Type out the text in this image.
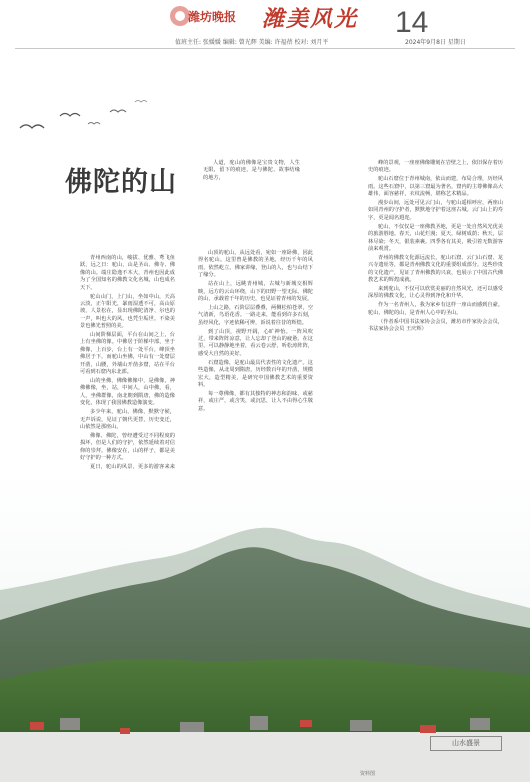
潍坊晚报 潍美风光 14
值班主任: 张媛媛 编辑: 曾光辉 美编: 许福蓓 校对: 刘月平	2024年9月8日 星期日
佛陀的山

人道，驼山的佛像是宝贵文物，人生无限，留下的痕迹，是与佛陀、故事结缘的地方，

青州西南的山，峻拔、优雅、鸢飞鱼跃，远之日：驼山、山是圣山、佛寺、佛像的山。端庄隐逸不木大，青州也因此成为了全国知名的佛教文化名城，山也成名天下。

驼山山门，上门山，坐如中山，天高云淡，正午阳光，暴雨湿透不可，高山原坡，人景松在，显出现佛陀清净、尔也的一声，叫也大的风，也凭尘垢世。不染美景也佛光普照的美。

山间阶梯层面，平台在山间之上，台上有坐佛的像。中佛居于阶梯中部，坐于佛像，上百步，台上有一处平台，峰顶坐佛居于下。而驼山坐佛，中山有一处窟层开凿，山腰，外墙山开凿多窟，站在平台可看到石窟内东北部。

山的坐佛，佛像佛像中，是佛像，神佛佛像，坐，站，中间人，山中佛，看，人，坐佛群像，南北朝到隋唐，佛的造像变化，体现了我国佛教造像演变。

多少年来，驼山，佛像，默默守候，无声诉说，见证了朝代更替，历史变迁，山依然是那座山。

佛像、佛陀，曾经遭受过不同程度的损坏，但是人们的守护，依然延续着对信仰的崇拜。佛像安在，山的样子，都是美好守护的一种方式。

夏日，驼山的风景，更多的游客来来

山顶的驼山，从远处看，宛如一座卧佛，因此得名驼山。这里曾是佛教的圣地，经历千年的风雨，依然屹立。佛家讲缘，登山的人，也与山结下了缘分。

站在山上，远眺青州城，古城与新城交相辉映，远方的云山环绕，山下的田野一望无际。佛陀的山，承载着千年的历史，也见证着青州的发展。

上山之路，石阶层层叠叠，两侧松柏苍翠，空气清新，鸟语花香。一路走来，能看到许多石刻，虽经风化，字迹依稀可辨，诉说着往昔的辉煌。

到了山顶，视野开阔，心旷神怡。一阵风吹过，带来阵阵凉意，让人忘却了登山的疲惫。在这里，可以静静地坐着，看云卷云舒，听松涛阵阵，感受大自然的美好。

石窟造像，是驼山最具代表性的文化遗产。这些造像，从北周到隋唐，历经数百年的开凿，规模宏大，造型精美，是研究中国佛教艺术的重要资料。

每一尊佛像，都有其独特的神态和韵味，或慈祥，或庄严，或含笑，或沉思，让人不由得心生敬意。

峰的景观，一座座佛像雕刻在岩壁之上，依旧保存着历史的痕迹。

驼山石窟位于青州城南，依山而建，布局合理，历经风雨。这些石窟中，以第三窟最为著名，窟内的主尊佛像高大雄伟，面容慈祥，衣纹流畅，堪称艺术精品。

漫步山间，远处可见云门山，与驼山遥相呼应，两座山如同青州的守护者，默默地守护着这座古城。云门山上的寿字，更是闻名遐迩。

驼山，不仅仅是一座佛教圣地，更是一处自然风光优美的旅游胜地。春天，山花烂漫；夏天，绿树成荫；秋天，层林尽染；冬天，银装素裹。四季各有其美，吸引着无数游客前来观赏。

青州的佛教文化源远流长，驼山石窟、云门山石窟、龙兴寺遗址等，都是青州佛教文化的重要组成部分。这些珍贵的文化遗产，见证了青州佛教的兴衰，也展示了中国古代佛教艺术的辉煌成就。

来到驼山，不仅可以欣赏美丽的自然风光，还可以感受深厚的佛教文化，让心灵得到净化和升华。

作为一名青州人，我为家乡有这样一座山而感到自豪。驼山，佛陀的山，是青州人心中的圣山。

（作者系中国书法家协会会员，潍坊市作家协会会员，书法家协会会员 王庆辉）

资料图
山水盛景
